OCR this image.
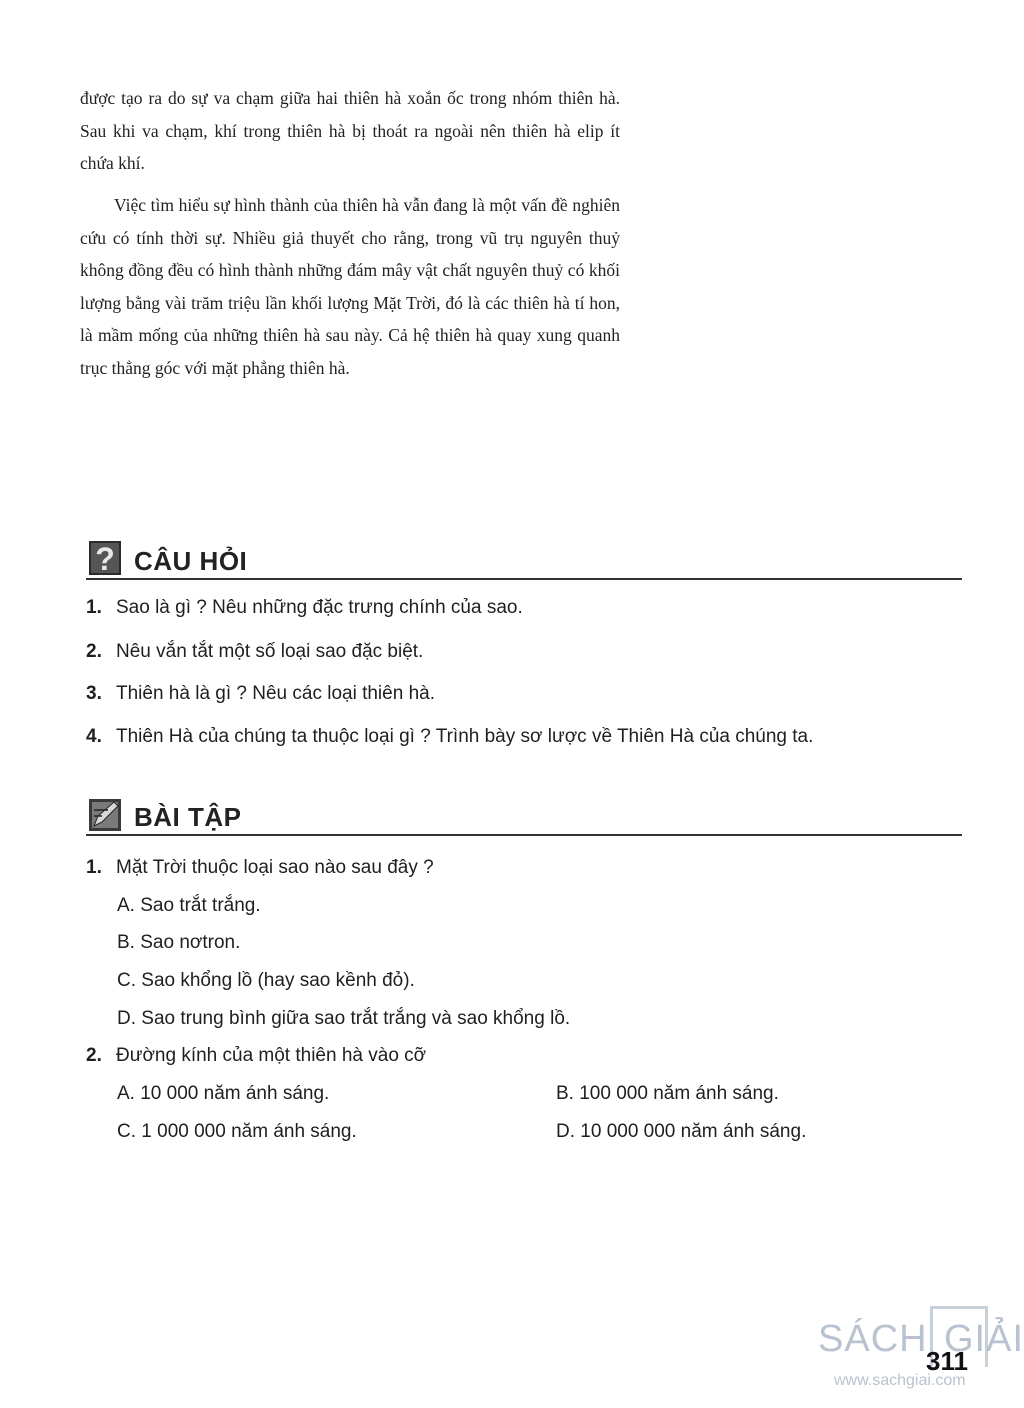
được tạo ra do sự va chạm giữa hai thiên hà xoắn ốc trong nhóm thiên hà. Sau khi va chạm, khí trong thiên hà bị thoát ra ngoài nên thiên hà elip ít chứa khí.

Việc tìm hiểu sự hình thành của thiên hà vẫn đang là một vấn đề nghiên cứu có tính thời sự. Nhiều giả thuyết cho rằng, trong vũ trụ nguyên thuỷ không đồng đều có hình thành những đám mây vật chất nguyên thuỷ có khối lượng bằng vài trăm triệu lần khối lượng Mặt Trời, đó là các thiên hà tí hon, là mầm mống của những thiên hà sau này. Cả hệ thiên hà quay xung quanh trục thẳng góc với mặt phẳng thiên hà.

? CÂU HỎI
1. Sao là gì ? Nêu những đặc trưng chính của sao.
2. Nêu vắn tắt một số loại sao đặc biệt.
3. Thiên hà là gì ? Nêu các loại thiên hà.
4. Thiên Hà của chúng ta thuộc loại gì ? Trình bày sơ lược về Thiên Hà của chúng ta.
BÀI TẬP
1. Mặt Trời thuộc loại sao nào sau đây ?
A. Sao trắt trắng.
B. Sao nơtron.
C. Sao khổng lồ (hay sao kềnh đỏ).
D. Sao trung bình giữa sao trắt trắng và sao khổng lồ.
2. Đường kính của một thiên hà vào cỡ
A. 10 000 năm ánh sáng.	B. 100 000 năm ánh sáng.
C. 1 000 000 năm ánh sáng.	D. 10 000 000 năm ánh sáng.
SÁCH GIẢI
www.sachgiai.com
311
